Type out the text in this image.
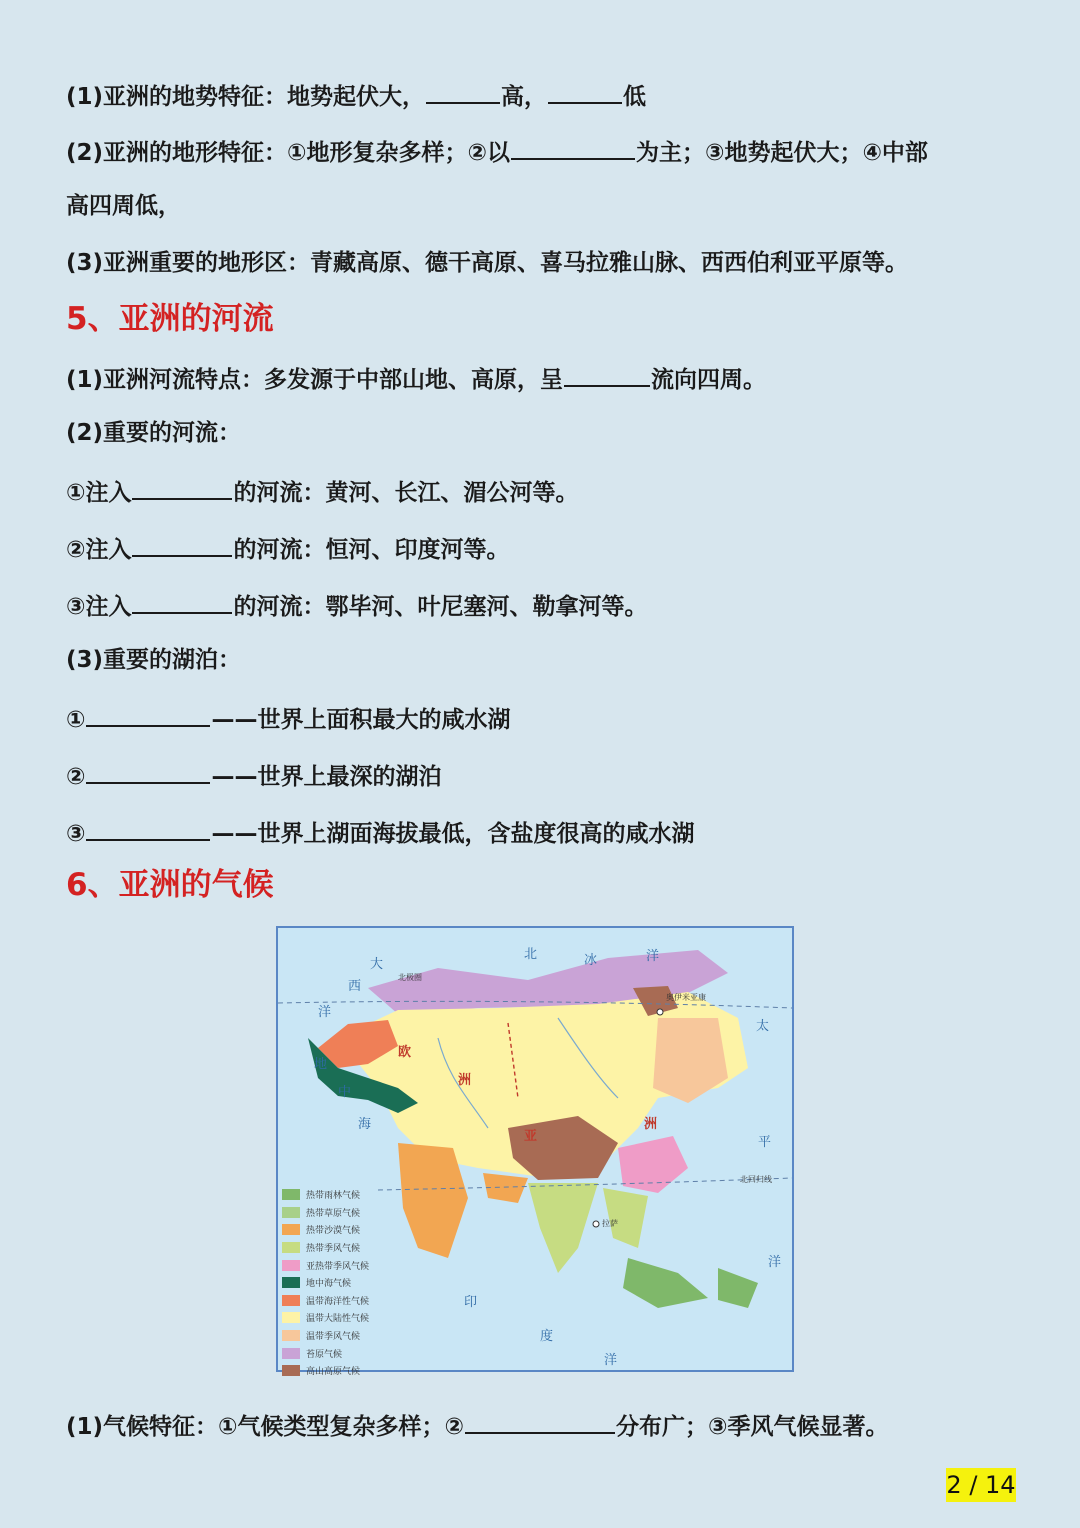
(1)亚洲的地势特征：地势起伏大，	高，	低
(2)亚洲的地形特征：①地形复杂多样；②以	为主；③地势起伏大；④中部
高四周低，
(3)亚洲重要的地形区：青藏高原、德干高原、喜马拉雅山脉、西西伯利亚平原等。
5、亚洲的河流
(1)亚洲河流特点：多发源于中部山地、高原，呈	流向四周。
(2)重要的河流：
①注入	的河流：黄河、长江、湄公河等。
②注入	的河流：恒河、印度河等。
③注入	的河流：鄂毕河、叶尼塞河、勒拿河等。
(3)重要的湖泊：
①	——世界上面积最大的咸水湖
②	——世界上最深的湖泊
③	——世界上湖面海拔最低，含盐度很高的咸水湖
6、亚洲的气候
北	冰	洋
大
西
洋
太
平
洋
印
度
洋
地
中
海
欧
洲
亚
洲
奥伊米亚康
拉萨
北极圈
北回归线
热带雨林气候
热带草原气候
热带沙漠气候
热带季风气候
亚热带季风气候
地中海气候
温带海洋性气候
温带大陆性气候
温带季风气候
苔原气候
高山高原气候
(1)气候特征：①气候类型复杂多样；②	分布广；③季风气候显著。
2 / 14
